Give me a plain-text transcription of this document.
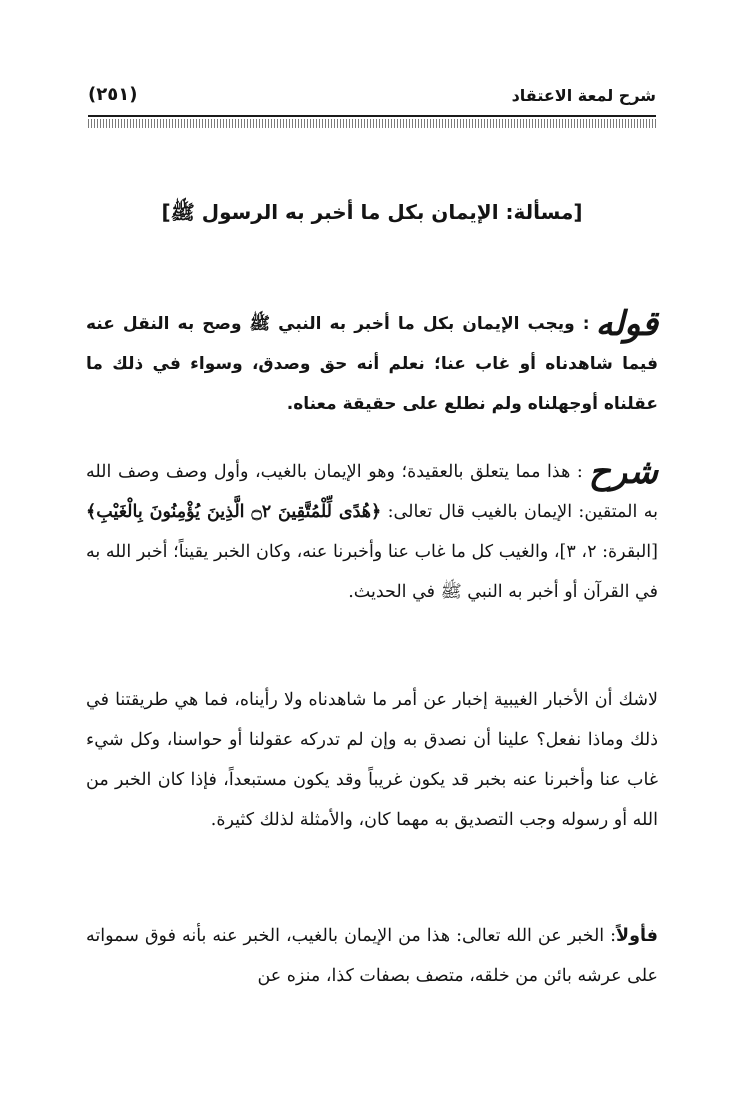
شرح لمعة الاعتقاد
(٢٥١)
[مسألة: الإيمان بكل ما أخبر به الرسول ﷺ]
قوله: ويجب الإيمان بكل ما أخبر به النبي ﷺ وصح به النقل عنه فيما شاهدناه أو غاب عنا؛ نعلم أنه حق وصدق، وسواء في ذلك ما عقلناه أوجهلناه ولم نطلع على حقيقة معناه.
شرح: هذا مما يتعلق بالعقيدة؛ وهو الإيمان بالغيب، وأول وصف وصف الله به المتقين: الإيمان بالغيب قال تعالى: ﴿هُدًى لِّلْمُتَّقِينَ ۝٢ الَّذِينَ يُؤْمِنُونَ بِالْغَيْبِ﴾ [البقرة: ٢، ٣]، والغيب كل ما غاب عنا وأخبرنا عنه، وكان الخبر يقيناً؛ أخبر الله به في القرآن أو أخبر به النبي ﷺ في الحديث.
لاشك أن الأخبار الغيبية إخبار عن أمر ما شاهدناه ولا رأيناه، فما هي طريقتنا في ذلك وماذا نفعل؟ علينا أن نصدق به وإن لم تدركه عقولنا أو حواسنا، وكل شيء غاب عنا وأخبرنا عنه بخبر قد يكون غريباً وقد يكون مستبعداً، فإذا كان الخبر من الله أو رسوله وجب التصديق به مهما كان، والأمثلة لذلك كثيرة.
فأولاً: الخبر عن الله تعالى: هذا من الإيمان بالغيب، الخبر عنه بأنه فوق سمواته على عرشه بائن من خلقه، متصف بصفات كذا، منزه عن
